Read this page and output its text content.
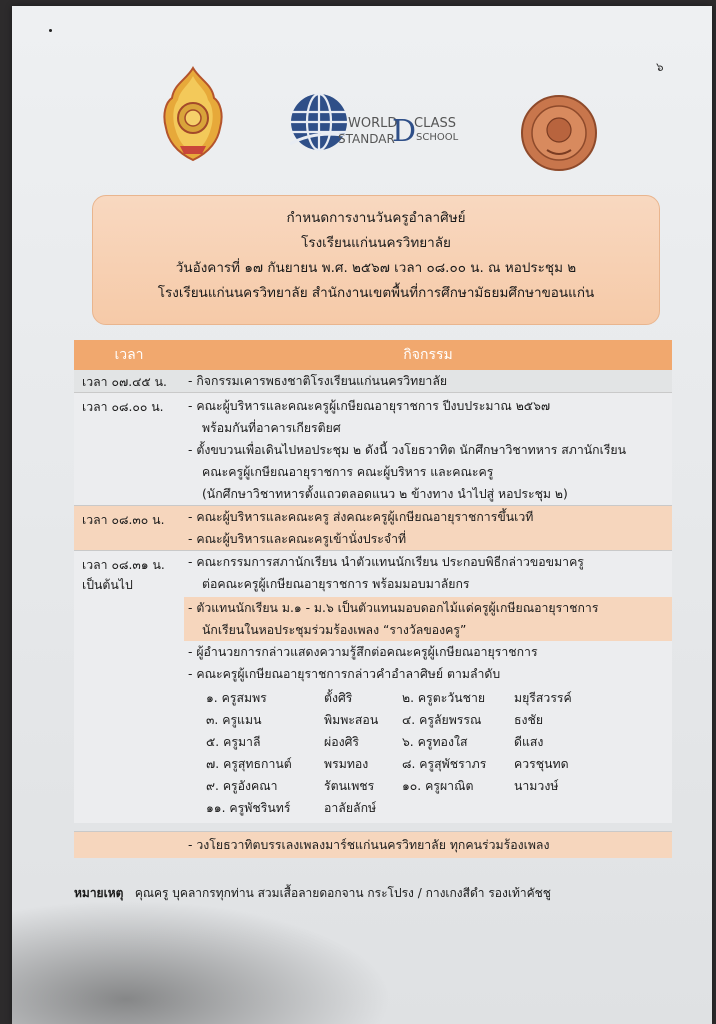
๖
WORLD
D
CLASS
STANDAR SCHOOL
กำหนดการงานวันครูอำลาศิษย์
โรงเรียนแก่นนครวิทยาลัย
วันอังคารที่ ๑๗ กันยายน พ.ศ. ๒๕๖๗ เวลา ๐๘.๐๐ น. ณ หอประชุม ๒
โรงเรียนแก่นนครวิทยาลัย สำนักงานเขตพื้นที่การศึกษามัธยมศึกษาขอนแก่น
เวลา	กิจกรรม
เวลา ๐๗.๔๕ น.	- กิจกรรมเคารพธงชาติโรงเรียนแก่นนครวิทยาลัย
เวลา ๐๘.๐๐ น.	- คณะผู้บริหารและคณะครูผู้เกษียณอายุราชการ ปีงบประมาณ ๒๕๖๗
พร้อมกันที่อาคารเกียรติยศ
- ตั้งขบวนเพื่อเดินไปหอประชุม ๒ ดังนี้ วงโยธวาทิต นักศึกษาวิชาทหาร สภานักเรียน
คณะครูผู้เกษียณอายุราชการ คณะผู้บริหาร และคณะครู
(นักศึกษาวิชาทหารตั้งแถวตลอดแนว ๒ ข้างทาง นำไปสู่ หอประชุม ๒)
เวลา ๐๘.๓๐ น.	- คณะผู้บริหารและคณะครู ส่งคณะครูผู้เกษียณอายุราชการขึ้นเวที
- คณะผู้บริหารและคณะครูเข้านั่งประจำที่
เวลา ๐๘.๓๑ น.
เป็นต้นไป
- คณะกรรมการสภานักเรียน นำตัวแทนนักเรียน ประกอบพิธีกล่าวขอขมาครู
ต่อคณะครูผู้เกษียณอายุราชการ พร้อมมอบมาลัยกร
- ตัวแทนนักเรียน ม.๑ - ม.๖ เป็นตัวแทนมอบดอกไม้แด่ครูผู้เกษียณอายุราชการ
นักเรียนในหอประชุมร่วมร้องเพลง “รางวัลของครู”
- ผู้อำนวยการกล่าวแสดงความรู้สึกต่อคณะครูผู้เกษียณอายุราชการ
- คณะครูผู้เกษียณอายุราชการกล่าวคำอำลาศิษย์ ตามลำดับ
๑. ครูสมพร	ตั้งศิริ	๒. ครูตะวันชาย	มยุรีสวรรค์
๓. ครูแมน	พิมพะสอน	๔. ครูลัยพรรณ	ธงชัย
๕. ครูมาลี	ผ่องศิริ	๖. ครูทองใส	ดีแสง
๗. ครูสุทธกานต์	พรมทอง	๘. ครูสุพัชราภร	ควรชุนทด
๙. ครูอังคณา	รัตนเพชร	๑๐. ครูผาณิต	นามวงษ์
๑๑. ครูพัชรินทร์	อาลัยลักษ์
- วงโยธวาทิตบรรเลงเพลงมาร์ชแก่นนครวิทยาลัย ทุกคนร่วมร้องเพลง
หมายเหตุ คุณครู บุคลากรทุกท่าน สวมเสื้อลายดอกจาน กระโปรง / กางเกงสีดำ รองเท้าคัชชู
